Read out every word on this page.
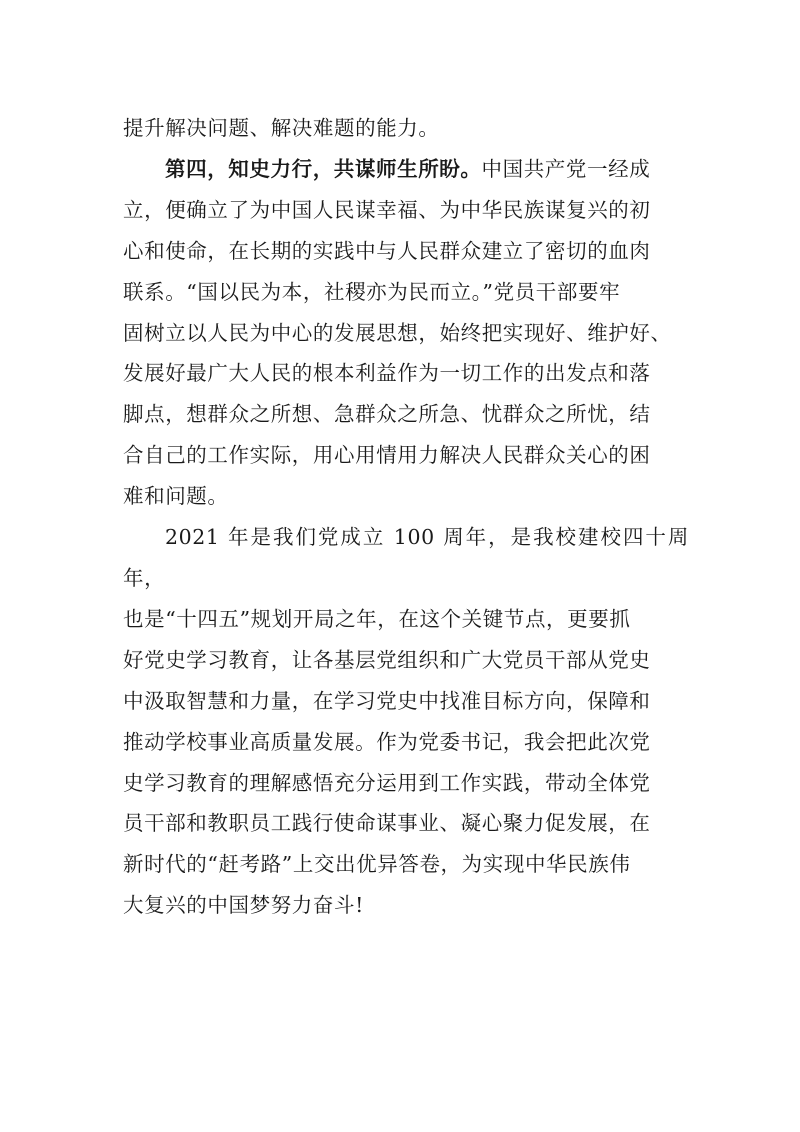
提升解决问题、解决难题的能力。
第四，知史力行，共谋师生所盼。中国共产党一经成
立，便确立了为中国人民谋幸福、为中华民族谋复兴的初
心和使命，在长期的实践中与人民群众建立了密切的血肉
联系。“国以民为本，社稷亦为民而立。”党员干部要牢
固树立以人民为中心的发展思想，始终把实现好、维护好、
发展好最广大人民的根本利益作为一切工作的出发点和落
脚点，想群众之所想、急群众之所急、忧群众之所忧，结
合自己的工作实际，用心用情用力解决人民群众关心的困
难和问题。
2021 年是我们党成立 100 周年，是我校建校四十周年，
也是“十四五”规划开局之年，在这个关键节点，更要抓
好党史学习教育，让各基层党组织和广大党员干部从党史
中汲取智慧和力量，在学习党史中找准目标方向，保障和
推动学校事业高质量发展。作为党委书记，我会把此次党
史学习教育的理解感悟充分运用到工作实践，带动全体党
员干部和教职员工践行使命谋事业、凝心聚力促发展，在
新时代的“赶考路”上交出优异答卷，为实现中华民族伟
大复兴的中国梦努力奋斗!
